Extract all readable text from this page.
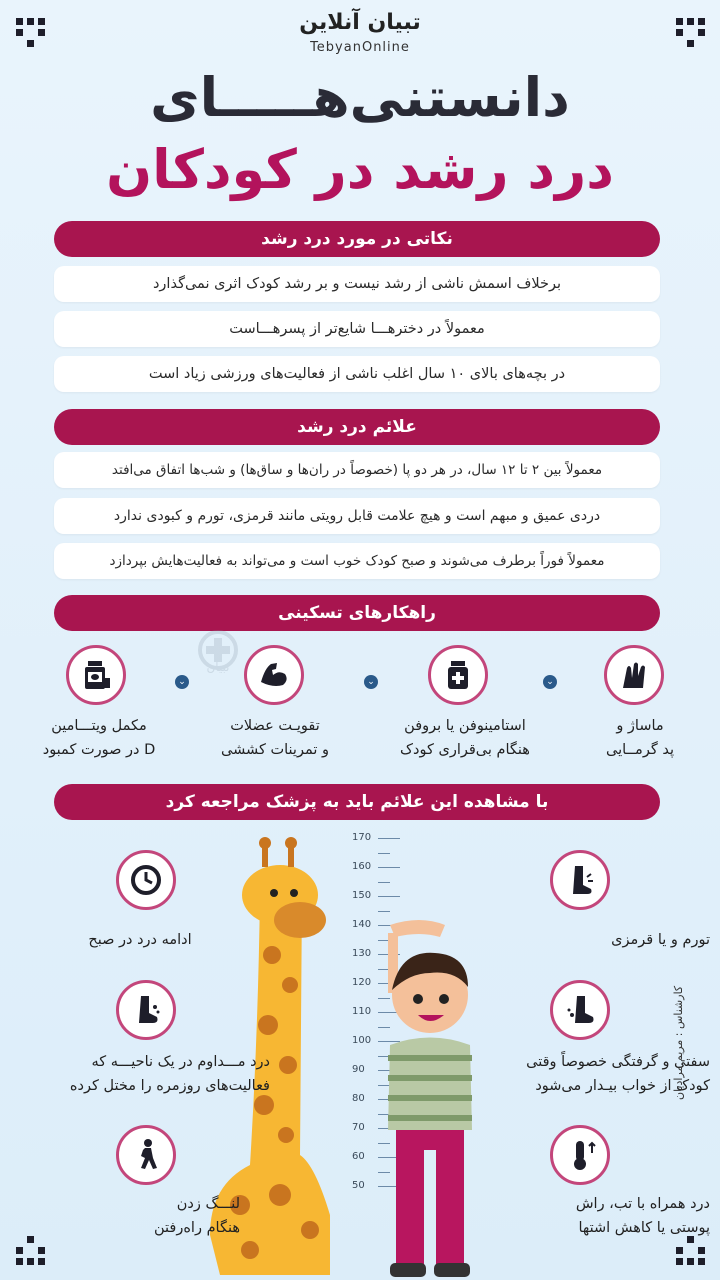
تبیان آنلاین
TebyanOnline
دانستنی‌هـــــای
درد رشد در کودکان
نکاتی در مورد درد رشد
برخلاف اسمش ناشی از رشد نیست و بر رشد کودک اثری نمی‌گذارد
معمولاً در دخترهـــا شایع‌تر از پسرهـــاست
در بچه‌های بالای ۱۰ سال اغلب ناشی از فعالیت‌های ورزشی زیاد است
علائم درد رشد
معمولاً بین ۲ تا ۱۲ سال، در هر دو پا (خصوصاً در ران‌ها و ساق‌ها) و شب‌ها اتفاق می‌افتد
دردی عمیق و مبهم است و هیچ علامت قابل رویتی مانند قرمزی، تورم و کبودی ندارد
معمولاً فوراً برطرف می‌شوند و صبح کودک خوب است و می‌تواند به فعالیت‌هایش بپردازد
راهکارهای تسکینی
تبیان
⌄
⌄
⌄
ماساژ و
پد گرمــایی
استامینوفن یا بروفن
هنگام بی‌قراری کودک
تقویـت عضلات
و تمرینات کششی
مکمل ویتـــامین
D در صورت کمبود
با مشاهده این علائم باید به پزشک مراجعه کرد
170
160
150
140
130
120
110
100
90
80
70
60
50
تورم و یا قرمزی
سفتی و گرفتگی خصوصاً وقتی
کودک از خواب بیـدار می‌شود
درد همراه با تب، راش
پوستی یا کاهش اشتها
ادامه درد در صبح
درد مـــداوم در یک ناحیـــه که
فعالیت‌های روزمره را مختل کرده
لنـــگ زدن
هنگام راه‌رفتن
کارشناس : مریم مرادیان
